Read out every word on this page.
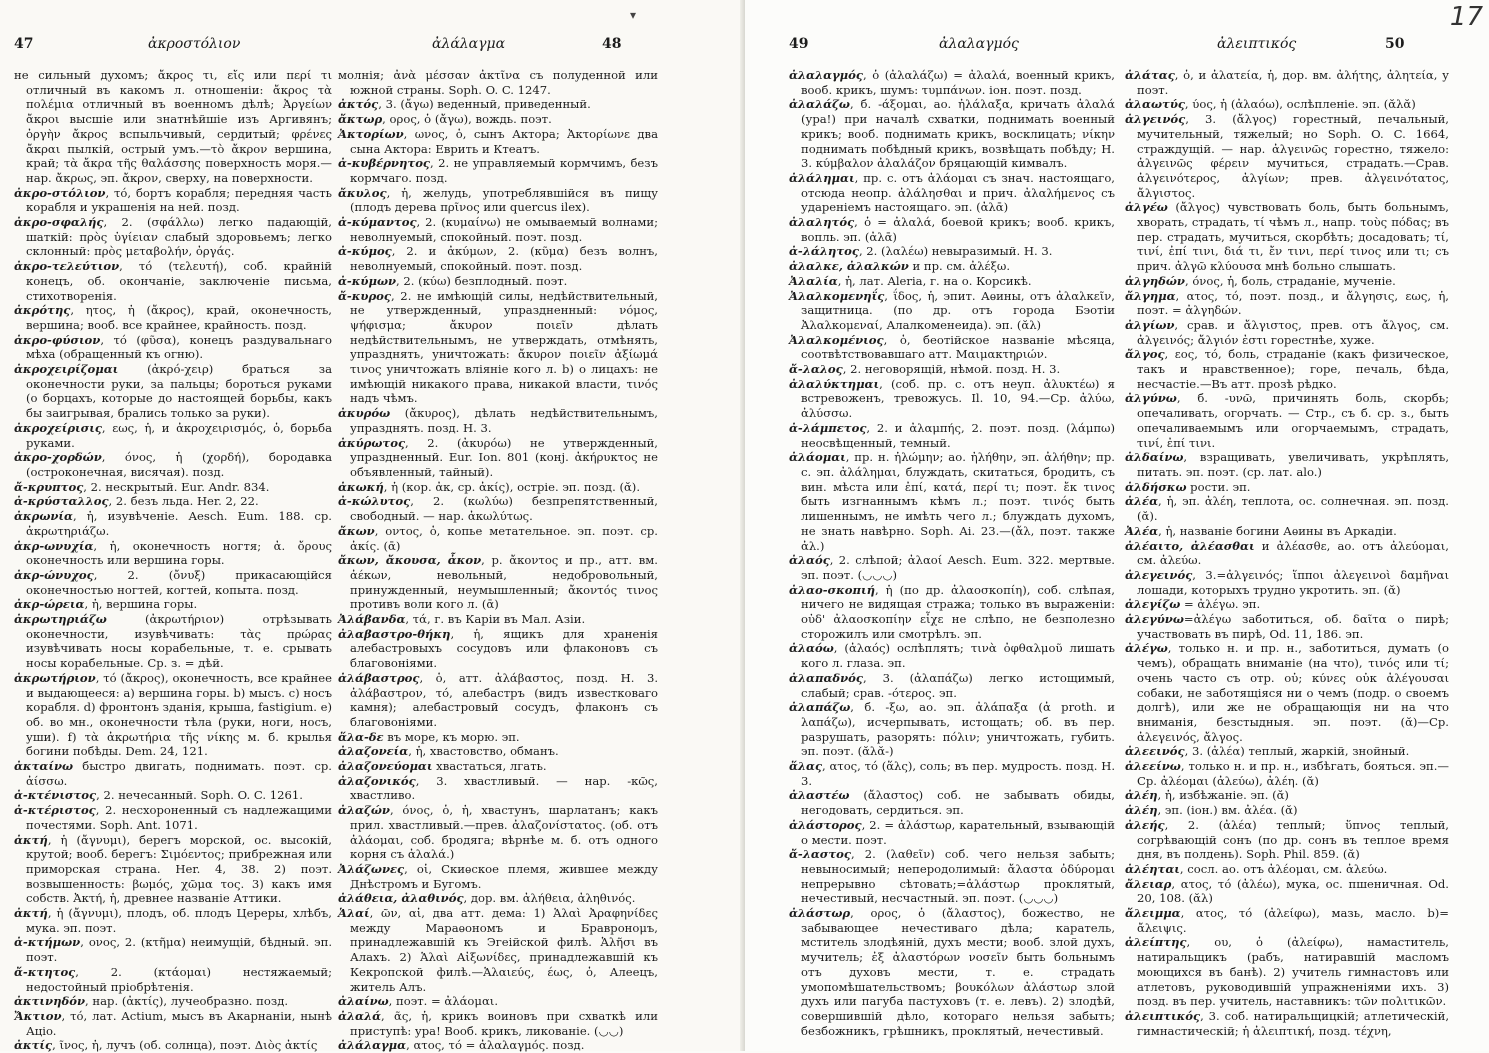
47	ἀκροστόλιον	ἀλάλαγμα	48
▾

не сильный духомъ; ἄκρος τι, εἴς или περί τι отличный въ какомъ л. отношеніи: ἄκρος τὰ πολέμια отличный въ военномъ дѣлѣ; Ἀργείων ἄκροι высшіе или знатнѣйшіе изъ Аргивянъ; ὀργὴν ἄκρος вспыльчивый, сердитый; φρένες ἄκραι пылкій, острый умъ.—τὸ ἄκρον вершина, край; τὰ ἄκρα τῆς θαλάσσης поверхность моря.—нар. ἄκρως, эп. ἄκρον, сверху, на поверхности.

ἀκρο-στόλιον, τό, бортъ корабля; передняя часть корабля и украшенія на ней. позд.

ἀκρο-σφαλής, 2. (σφάλλω) легко падающій, шаткій: πρὸς ὑγίειαν слабый здоровьемъ; легко склонный: πρὸς μεταβολήν, ὀργάς.

ἀκρο-τελεύτιον, τό (τελευτή), соб. крайній конецъ, об. окончаніе, заключеніе письма, стихотворенія.

ἀκρότης, ητος, ἡ (ἄκρος), край, оконечность, вершина; вооб. все крайнее, крайность. позд.

ἀκρο-φύσιον, τό (φῦσα), конецъ раздувальнаго мѣха (обращенный къ огню).

ἀκροχειρίζομαι (ἀκρό-χειρ) браться за оконечности руки, за пальцы; бороться руками (о борцахъ, которые до настоящей борьбы, какъ бы заигрывая, брались только за руки).

ἀκροχείρισις, εως, ἡ, и ἀκροχειρισμός, ὁ, борьба руками.

ἀκρο-χορδών, όνος, ἡ (χορδή), бородавка (остроконечная, висячая). позд.

ἄ-κρυπτος, 2. нескрытый. Eur. Andr. 834.

ἀ-κρύσταλλος, 2. безъ льда. Her. 2, 22.

ἀκρωνία, ἡ, изувѣченіе. Aesch. Eum. 188. ср. ἀκρωτηριάζω.

ἀκρ-ωνυχία, ἡ, оконечность ногтя; ἀ. ὄρους оконечность или вершина горы.

ἀκρ-ώνυχος, 2. (ὄνυξ) прикасающійся оконечностью ногтей, когтей, копыта. позд.

ἀκρ-ώρεια, ἡ, вершина горы.

ἀκρωτηριάζω (ἀκρωτήριον) отрѣзывать оконечности, изувѣчивать: τὰς πρώρας изувѣчивать носы корабельные, т. е. срывать носы корабельные. Ср. з. = дѣй.

ἀκρωτήριον, τό (ἄκρος), оконечность, все крайнее и выдающееся: а) вершина горы. b) мысъ. c) носъ корабля. d) фронтонъ зданія, крыша, fastigium. e) об. во мн., оконечности тѣла (руки, ноги, носъ, уши). f) τὰ ἀκρωτήρια τῆς νίκης м. б. крылья богини побѣды. Dem. 24, 121.

ἀκταίνω быстро двигать, поднимать. поэт. ср. ἀίσσω.

ἀ-κτένιστος, 2. нечесанный. Soph. O. C. 1261.

ἀ-κτέριστος, 2. несхороненный съ надлежащими почестями. Soph. Ant. 1071.

ἀκτή, ἡ (ἄγνυμι), берегъ морской, ос. высокій, крутой; вооб. берегъ: Σιμόεντος; прибрежная или приморская страна. Her. 4, 38. 2) поэт. возвышенность: βωμός, χῶμα τος. 3) какъ имя собств. Ἀκτή, ἡ, древнее названіе Аттики.

ἀκτή, ἡ (ἄγνυμι), плодъ, об. плодъ Цереры, хлѣбъ, мука. эп. поэт.

ἀ-κτήμων, ονος, 2. (κτῆμα) неимущій, бѣдный. эп. поэт.

ἄ-κτητος, 2. (κτάομαι) нестяжаемый; недостойный пріобрѣтенія.

ἀκτινηδόν, нар. (ἀκτίς), лучеобразно. позд.

Ἄκτιον, τό, лат. Actium, мысъ въ Акарнаніи, нынѣ Ацio.

ἀκτίς, ῖνος, ἡ, лучъ (об. солнца), поэт. Διὸς ἀκτίς

молнія; ἀνὰ μέσσαν ἀκτῖνα съ полуденной или южной страны. Soph. O. C. 1247.

ἀκτός, 3. (ἄγω) веденный, приведенный.

ἄκτωρ, ορος, ὁ (ἄγω), вождь. поэт.

Ἀκτορίων, ωνος, ὁ, сынъ Актора; Ἀκτορίωνε два сына Актора: Еврить и Ктеатъ.

ἀ-κυβέρνητος, 2. не управляемый кормчимъ, безъ кормчаго. позд.

ἄκυλος, ἡ, желудь, употреблявшійся въ пищу (плодъ дерева πρῖνος или quercus ilex).

ἀ-κύμαντος, 2. (κυμαίνω) не омываемый волнами; неволнуемый, спокойный. поэт. позд.

ἀ-κύμος, 2. и ἀκύμων, 2. (κῦμα) безъ волнъ, неволнуемый, спокойный. поэт. позд.

ἀ-κύμων, 2. (κύω) безплодный. поэт.

ἄ-κυρος, 2. не имѣющій силы, недѣйствительный, не утвержденный, упраздненный: νόμος, ψήφισμα; ἄκυρον ποιεῖν дѣлать недѣйствительнымъ, не утверждать, отмѣнять, упразднять, уничтожать: ἄκυρον ποιεῖν ἀξίωμά τινος уничтожать вліяніе кого л. b) о лицахъ: не имѣющій никакого права, никакой власти, τινός надъ чѣмъ.

ἀκυρόω (ἄκυρος), дѣлать недѣйствительнымъ, упразднять. позд. Н. 3.

ἀκύρωτος, 2. (ἀκυρόω) не утвержденный, упраздненный. Eur. Ion. 801 (конj. ἀκήρυκτος не объявленный, тайный).

ἀκωκή, ἡ (кор. ἀκ, ср. ἀκίς), остріе. эп. позд. (ᾰ).

ἀ-κώλυτος, 2. (κωλύω) безпрепятственный, свободный. — нар. ἀκωλύτως.

ἄκων, οντος, ὁ, копье метательное. эп. поэт. ср. ἀκίς. (ᾱ)

ἄκων, ἄκουσα, ἆκον, р. ἄκοντος и пр., атт. вм. ἀέκων, невольный, недобровольный, принужденный, неумышленный; ἄκοντός τινος противъ воли кого л. (ᾱ)

Ἀλάβανδα, τά, г. въ Каріи въ Мал. Азіи.

ἀλαβαστρο-θήκη, ἡ, ящикъ для храненія алебастровыхъ сосудовъ или флаконовъ съ благовоніями.

ἀλάβαστρος, ὁ, атт. ἀλάβαστος, позд. Н. 3. ἀλάβαστρον, τό, алебастръ (видъ известковаго камня); алебастровый сосудъ, флаконъ съ благовоніями.

ἅλα-δε въ море, къ морю. эп.

ἀλαζονεία, ἡ, хвастовство, обманъ.

ἀλαζονεύομαι хвастаться, лгать.

ἀλαζονικός, 3. хвастливый. — нар. -κῶς, хвастливо.

ἀλαζών, όνος, ὁ, ἡ, хвастунъ, шарлатанъ; какъ прил. хвастливый.—прев. ἀλαζονίστατος. (об. отъ ἀλάομαι, соб. бродяга; вѣрнѣе м. б. отъ одного корня съ ἀλαλά.)

Ἀλάζωνες, οἱ, Скиѳское племя, жившее между Днѣстромъ и Бугомъ.

ἀλάθεια, ἀλαθινός, дор. вм. ἀλήθεια, ἀληθινός.

Ἁλαί, ῶν, αἱ, два атт. дема: 1) Ἁλαὶ Ἀραφηνίδες между Мараѳономъ и Бравронομъ, принадлежавшій къ Эгеійской филѣ. Ἁλῆσι въ Алахъ. 2) Ἁλαὶ Αἰξωνίδες, принадлежавшій къ Кекропской филѣ.—Ἁλαιεύς, έως, ὁ, Алеецъ, житель Алъ.

ἀλαίνω, поэт. = ἀλάομαι.

ἀλαλά, ᾶς, ἡ, крикъ воиновъ при схваткѣ или приступѣ: ура! Вооб. крикъ, ликованіе. (◡◡)

ἀλάλαγμα, ατος, τό = ἀλαλαγμός. позд.

49	ἀλαλαγμός	ἀλειπτικός	50
17

ἀλαλαγμός, ὁ (ἀλαλάζω) = ἀλαλά, военный крикъ, вооб. крикъ, шумъ: τυμπάνων. іон. поэт. позд.

ἀλαλάζω, б. -άξομαι, ао. ἠλάλαξα, кричать ἀλαλά (ура!) при началѣ схватки, поднимать военный крикъ; вооб. поднимать крикъ, восклицать; νίκην поднимать побѣдный крикъ, возвѣщать побѣду; Н. 3. κύμβαλον ἀλαλάζον бряцающій кимвалъ.

ἀλάλημαι, пр. с. отъ ἀλάομαι съ знач. настоящаго, отсюда неопр. ἀλάλησθαι и прич. ἀλαλήμενος съ удареніемъ настоящаго. эп. (ἀλᾱ)

ἀλαλητός, ὁ = ἀλαλά, боевой крикъ; вооб. крикъ, вопль. эп. (ἀλᾱ)

ἀ-λάλητος, 2. (λαλέω) невыразимый. Н. 3.

ἀλαλκε, ἀλαλκών и пр. см. ἀλέξω.

Ἀλαλία, ἡ, лат. Aleria, г. на о. Корсикѣ.

Ἀλαλκομενηΐς, ΐδος, ἡ, эпит. Аѳины, отъ ἀλαλκεῖν, защитница. (по др. отъ города Бэотіи Ἀλαλκομεναί, Алалкоменеида). эп. (ᾰλ)

Ἀλαλκομένιος, ὁ, беотійское названіе мѣсяца, соотвѣтствовавшаго атт. Μαιμακτηριών.

ἄ-λαλος, 2. неговорящій, нѣмой. позд. Н. 3.

ἀλαλύκτημαι, (соб. пр. с. отъ неуп. ἀλυκτέω) я встревоженъ, тревожусь. Il. 10, 94.—Ср. ἀλύω, ἀλύσσω.

ἀ-λάμπετος, 2. и ἀλαμπής, 2. поэт. позд. (λάμπω) неосвѣщенный, темный.

ἀλάομαι, пр. н. ἠλώμην; ао. ἠλήθην, эп. ἀλήθην; пр. с. эп. ἀλάλημαι, блуждать, скитаться, бродить, съ вин. мѣста или ἐπί, κατά, περί τι; поэт. ἔκ τινος быть изгнаннымъ кѣмъ л.; поэт. τινός быть лишеннымъ, не имѣть чего л.; блуждать духомъ, не знать навѣрно. Soph. Ai. 23.—(ἄλ, поэт. также ἀλ.)

ἀλαός, 2. слѣпой; ἀλαοί Aesch. Eum. 322. мертвые. эп. поэт. (◡◡◡)

ἀλαο-σκοπιή, ἡ (по др. ἀλαοσκοπίη), соб. слѣпая, ничего не видящая стража; только въ выраженіи: οὐδ' ἀλαοσκοπίην εἶχε не слѣпо, не безполезно сторожилъ или смотрѣлъ. эп.

ἀλαόω, (ἀλαός) ослѣплять; τινὰ ὀφθαλμοῦ лишать кого л. глаза. эп.

ἀλαπαδνός, 3. (ἀλαπάζω) легко истощимый, слабый; срав. -ότερος. эп.

ἀλαπάζω, б. -ξω, ао. эп. ἀλάπαξα (ἀ proth. и λαπάζω), исчерпывать, истощать; об. въ пер. разрушать, разорять: πόλιν; уничтожать, губить. эп. поэт. (ᾰλᾰ-)

ἅλας, ατος, τό (ἅλς), соль; въ пер. мудрость. позд. Н. 3.

ἀλαστέω (ἄλαστος) соб. не забывать обиды, негодовать, сердиться. эп.

ἀλάστορος, 2. = ἀλάστωρ, карательный, взывающій о мести. поэт.

ἄ-λαστος, 2. (λαθεῖν) соб. чего нельзя забыть; невыносимый; неперодолимый: ἄλαστα ὀδύρομαι непрерывно сѣтовать;=ἀλάστωρ проклятый, нечестивый, несчастный. эп. поэт. (◡◡◡)

ἀλάστωρ, ορος, ὁ (ἄλαστος), божество, не забывающее нечестиваго дѣла; каратель, мститель злодѣяній, духъ мести; вооб. злой духъ, мучитель; ἐξ ἀλαστόρων νοσεῖν быть больнымъ отъ духовъ мести, т. е. страдать умопомѣшательствомъ; βουκόλων ἀλάστωρ злой духъ или пагуба пастуховъ (т. е. левъ). 2) злодѣй, совершившій дѣло, котораго нельзя забыть; безбожникъ, грѣшникъ, проклятый, нечестивый.

ἀλάτας, ὁ, и ἀλατεία, ἡ, дор. вм. ἀλήτης, ἀλητεία, у поэт.

ἀλαωτύς, ύος, ἡ (ἀλαόω), ослѣпленіе. эп. (ᾰλᾰ)

ἀλγεινός, 3. (ἄλγος) горестный, печальный, мучительный, тяжелый; но Soph. O. C. 1664, страждущій. — нар. ἀλγεινῶς горестно, тяжело: ἀλγεινῶς φέρειν мучиться, страдать.—Срав. ἀλγεινότερος, ἀλγίων; прев. ἀλγεινότατος, ἄλγιστος.

ἀλγέω (ἄλγος) чувствовать боль, быть больнымъ, хворать, страдать, τί чѣмъ л., напр. τοὺς πόδας; въ пер. страдать, мучиться, скорбѣть; досадовать; τί, τινί, ἐπί τινι, διά τι, ἔν τινι, περί τινος или τι; съ прич. ἀλγῶ κλύουσα мнѣ больно слышать.

ἀλγηδών, όνος, ἡ, боль, страданіе, мученіе.

ἄλγημα, ατος, τό, поэт. позд., и ἄλγησις, εως, ἡ, поэт. = ἀλγηδών.

ἀλγίων, срав. и ἄλγιστος, прев. отъ ἄλγος, см. ἀλγεινός; ἄλγιόν ἐστι горестнѣе, хуже.

ἄλγος, εος, τό, боль, страданіе (какъ физическое, такъ и нравственное); горе, печаль, бѣда, несчастіе.—Въ атт. прозѣ рѣдко.

ἀλγύνω, б. -υνῶ, причинять боль, скорбь; опечаливать, огорчать. — Стр., съ б. ср. з., быть опечаливаемымъ или огорчаемымъ, страдать, τινί, ἐπί τινι.

ἀλδαίνω, взращивать, увеличивать, укрѣплять, питать. эп. поэт. (ср. лат. alo.)

ἀλδήσκω рости. эп.

ἀλέα, ἡ, эп. ἀλέη, теплота, ос. солнечная. эп. позд. (ᾰ).

Ἀλέα, ἡ, названіе богини Аѳины въ Аркадіи.

ἀλέαιτο, ἀλέασθαι и ἀλέασθε, ао. отъ ἀλεύομαι, см. ἀλεύω.

ἀλεγεινός, 3.=ἀλγεινός; ἵπποι ἀλεγεινοὶ δαμῆναι лошади, которыхъ трудно укротить. эп. (ᾰ)

ἀλεγίζω = ἀλέγω. эп.

ἀλεγύνω=ἀλέγω заботиться, об. δαῖτα о пирѣ; участвовать въ пирѣ, Od. 11, 186. эп.

ἀλέγω, только н. и пр. н., заботиться, думать (о чемъ), обращать вниманіе (на что), τινός или τί; очень часто съ отр. οὐ; κύνες οὐκ ἀλέγουσαι собаки, не заботящіяся ни о чемъ (подр. о своемъ долгѣ), или же не обращающія ни на что вниманія, безстыдныя. эп. поэт. (ᾰ)—Ср. ἀλεγεινός, ἄλγος.

ἀλεεινός, 3. (ἀλέα) теплый, жаркій, знойный.

ἀλεείνω, только н. и пр. н., избѣгать, бояться. эп.—Ср. ἀλέομαι (ἀλεύω), ἀλέη. (ᾰ)

ἀλέη, ἡ, избѣжаніе. эп. (ᾰ)

ἀλέη, эп. (іон.) вм. ἀλέα. (ᾰ)

ἀλεής, 2. (ἀλέα) теплый; ὕπνος теплый, согрѣвающій сонъ (по др. сонъ въ теплое время дня, въ полдень). Soph. Phil. 859. (ᾰ)

ἀλέηται, сосл. ао. отъ ἀλέομαι, см. ἀλεύω.

ἄλειαρ, ατος, τό (ἀλέω), мука, ос. пшеничная. Od. 20, 108. (ᾰλ)

ἄλειμμα, ατος, τό (ἀλείφω), мазь, масло. b)= ἄλειψις.

ἀλείπτης, ου, ὁ (ἀλείφω), намаститель, натиральщикъ (рабъ, натиравшій масломъ моющихся въ банѣ). 2) учитель гимнастовъ или атлетовъ, руководившій упражненіями ихъ. 3) позд. въ пер. учитель, наставникъ: τῶν πολιτικῶν.

ἀλειπτικός, 3. соб. натиральщицкій; атлетическій, гимнастическій; ἡ ἀλειπτική, позд. τέχνη,
